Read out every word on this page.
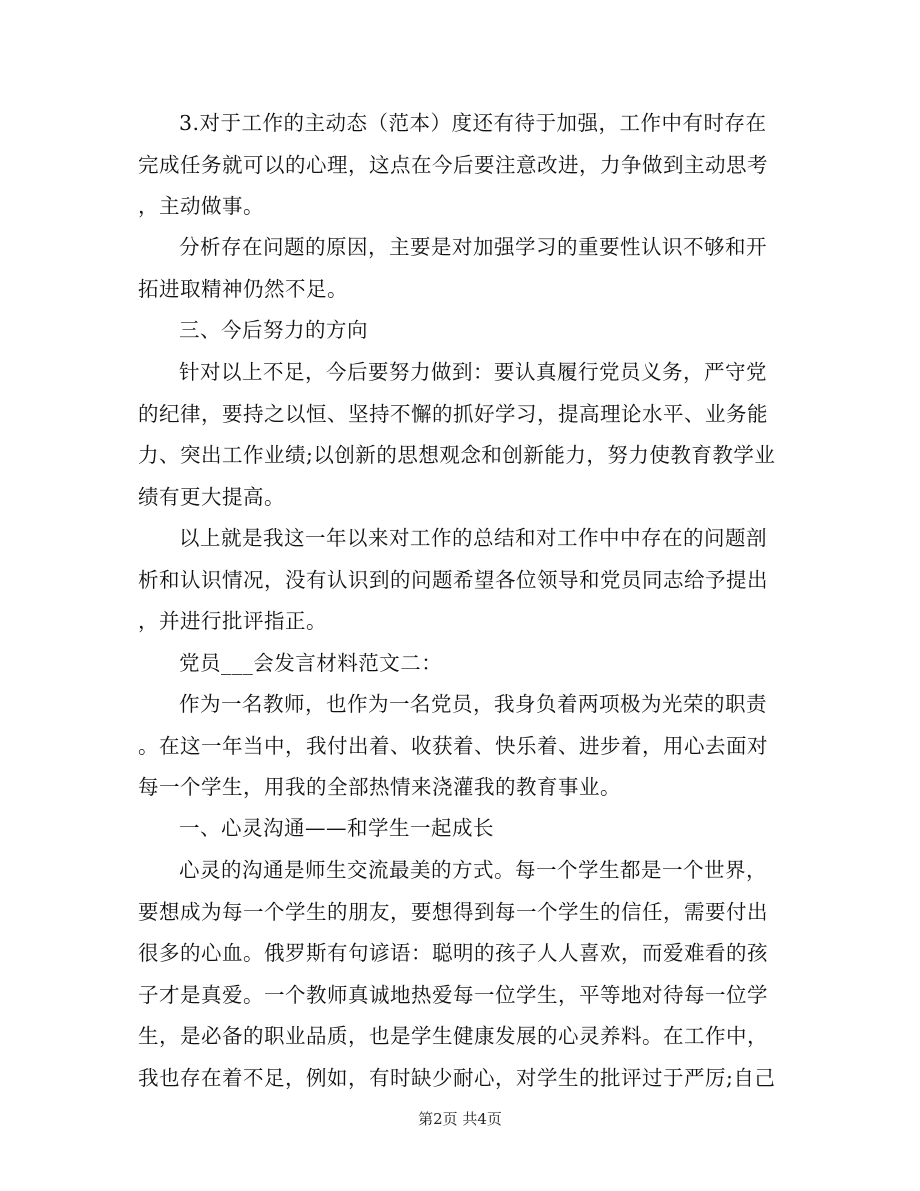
3.对于工作的主动态（范本）度还有待于加强，工作中有时存在
完成任务就可以的心理，这点在今后要注意改进，力争做到主动思考
，主动做事。
分析存在问题的原因，主要是对加强学习的重要性认识不够和开
拓进取精神仍然不足。
三、今后努力的方向
针对以上不足，今后要努力做到：要认真履行党员义务，严守党
的纪律，要持之以恒、坚持不懈的抓好学习，提高理论水平、业务能
力、突出工作业绩;以创新的思想观念和创新能力，努力使教育教学业
绩有更大提高。
以上就是我这一年以来对工作的总结和对工作中中存在的问题剖
析和认识情况，没有认识到的问题希望各位领导和党员同志给予提出
，并进行批评指正。
党员___会发言材料范文二：
作为一名教师，也作为一名党员，我身负着两项极为光荣的职责
。在这一年当中，我付出着、收获着、快乐着、进步着，用心去面对
每一个学生，用我的全部热情来浇灌我的教育事业。
一、心灵沟通——和学生一起成长
心灵的沟通是师生交流最美的方式。每一个学生都是一个世界，
要想成为每一个学生的朋友，要想得到每一个学生的信任，需要付出
很多的心血。俄罗斯有句谚语：聪明的孩子人人喜欢，而爱难看的孩
子才是真爱。一个教师真诚地热爱每一位学生，平等地对待每一位学
生，是必备的职业品质，也是学生健康发展的心灵养料。在工作中，
我也存在着不足，例如，有时缺少耐心，对学生的批评过于严厉;自己
第2页 共4页
